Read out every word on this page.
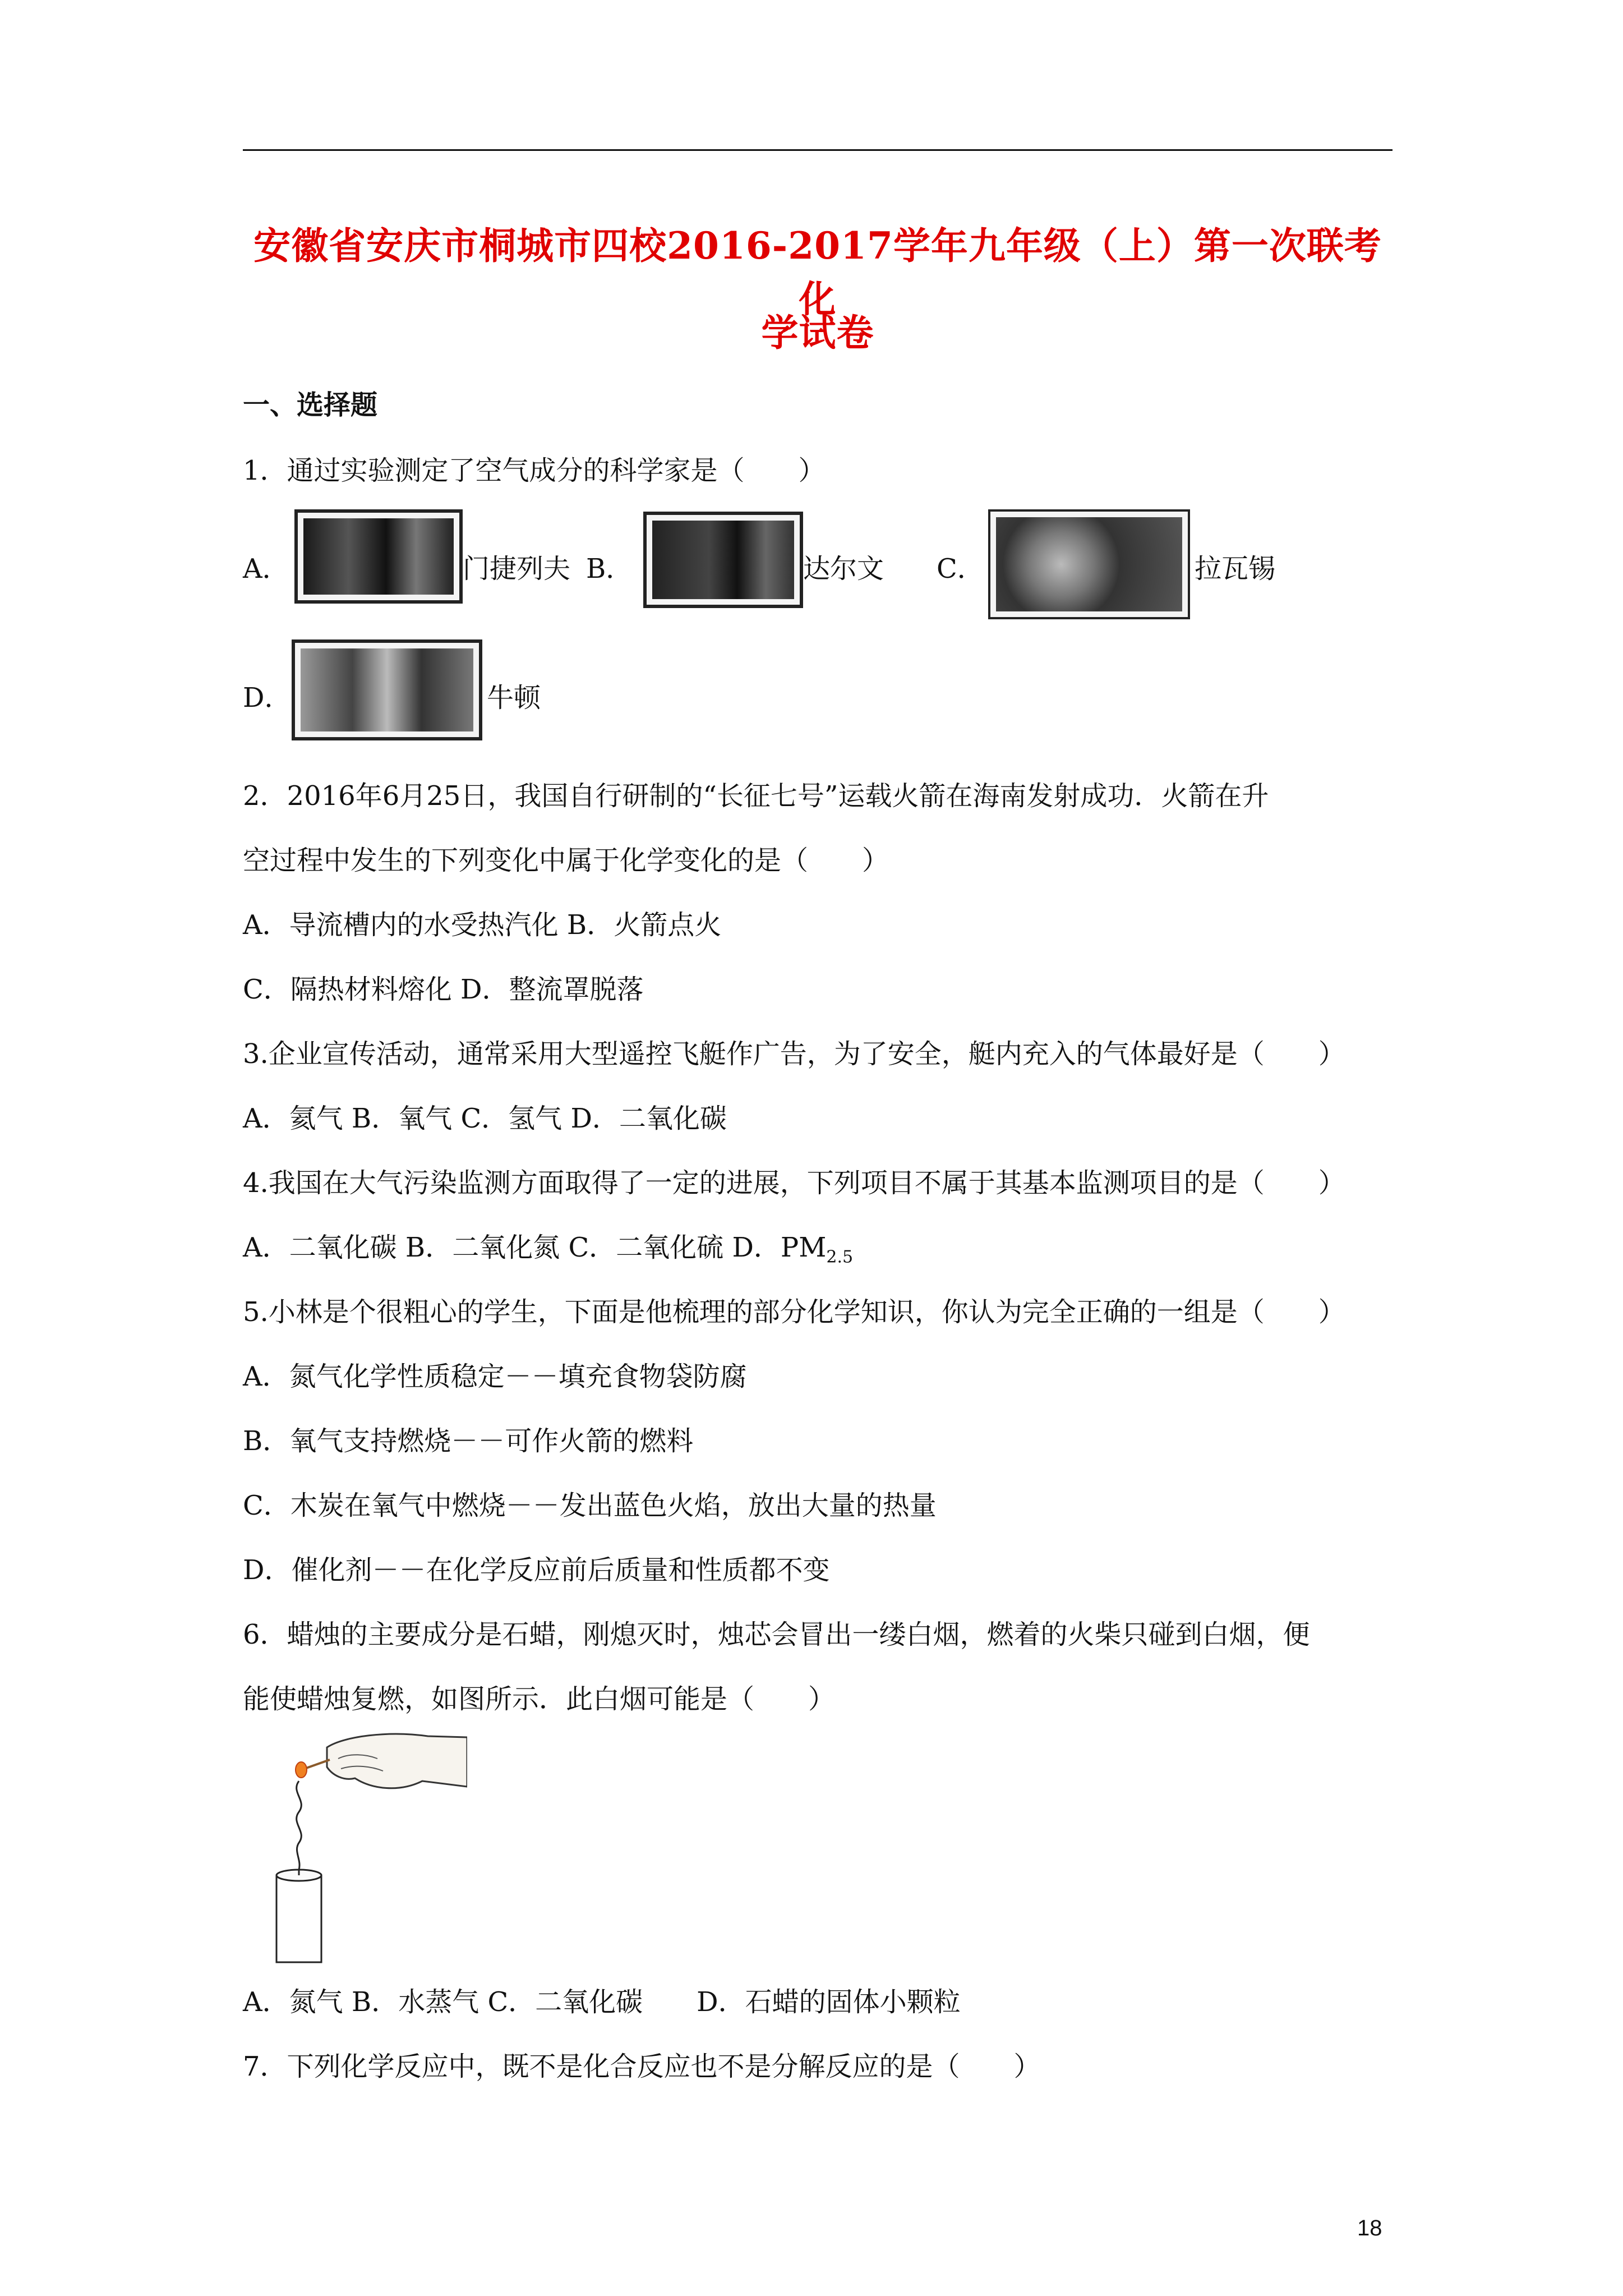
安徽省安庆市桐城市四校2016-2017学年九年级（上）第一次联考化
学试卷
一、选择题
1．通过实验测定了空气成分的科学家是（　　）
A．	门捷列夫 B．	达尔文 C．	拉瓦锡
D．	牛顿
2．2016年6月25日，我国自行研制的“长征七号”运载火箭在海南发射成功．火箭在升
空过程中发生的下列变化中属于化学变化的是（　　）
A．导流槽内的水受热汽化 B．火箭点火
C．隔热材料熔化 D．整流罩脱落
3.企业宣传活动，通常采用大型遥控飞艇作广告，为了安全，艇内充入的气体最好是（　　）
A．氦气 B．氧气 C．氢气 D．二氧化碳
4.我国在大气污染监测方面取得了一定的进展，下列项目不属于其基本监测项目的是（　　）
A．二氧化碳 B．二氧化氮 C．二氧化硫 D．$PM_{2.5}$
5.小林是个很粗心的学生，下面是他梳理的部分化学知识，你认为完全正确的一组是（　　）
A．氮气化学性质稳定－－填充食物袋防腐
B．氧气支持燃烧－－可作火箭的燃料
C．木炭在氧气中燃烧－－发出蓝色火焰，放出大量的热量
D．催化剂－－在化学反应前后质量和性质都不变
6．蜡烛的主要成分是石蜡，刚熄灭时，烛芯会冒出一缕白烟，燃着的火柴只碰到白烟，便
能使蜡烛复燃，如图所示．此白烟可能是（　　）
A．氮气 B．水蒸气 C．二氧化碳　　D．石蜡的固体小颗粒
7．下列化学反应中，既不是化合反应也不是分解反应的是（　　）
18
